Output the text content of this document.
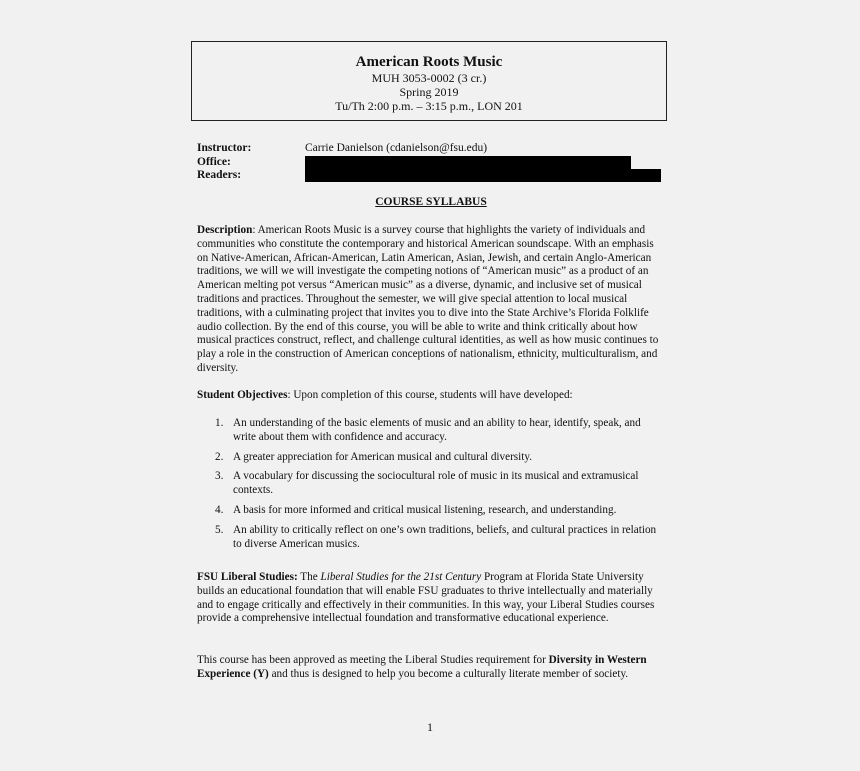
American Roots Music
MUH 3053-0002 (3 cr.)
Spring 2019
Tu/Th 2:00 p.m. – 3:15 p.m., LON 201
Instructor:	Carrie Danielson (cdanielson@fsu.edu)
Office:
Readers:
COURSE SYLLABUS

Description: American Roots Music is a survey course that highlights the variety of individuals and communities who constitute the contemporary and historical American soundscape. With an emphasis on Native-American, African-American, Latin American, Asian, Jewish, and certain Anglo-American traditions, we will we will investigate the competing notions of “American music” as a product of an American melting pot versus “American music” as a diverse, dynamic, and inclusive set of musical traditions and practices. Throughout the semester, we will give special attention to local musical traditions, with a culminating project that invites you to dive into the State Archive’s Florida Folklife audio collection. By the end of this course, you will be able to write and think critically about how musical practices construct, reflect, and challenge cultural identities, as well as how music continues to play a role in the construction of American conceptions of nationalism, ethnicity, multiculturalism, and diversity.

Student Objectives: Upon completion of this course, students will have developed:

1. An understanding of the basic elements of music and an ability to hear, identify, speak, and write about them with confidence and accuracy.
2. A greater appreciation for American musical and cultural diversity.
3. A vocabulary for discussing the sociocultural role of music in its musical and extramusical contexts.
4. A basis for more informed and critical musical listening, research, and understanding.
5. An ability to critically reflect on one’s own traditions, beliefs, and cultural practices in relation to diverse American musics.

FSU Liberal Studies: The Liberal Studies for the 21st Century Program at Florida State University builds an educational foundation that will enable FSU graduates to thrive intellectually and materially and to engage critically and effectively in their communities. In this way, your Liberal Studies courses provide a comprehensive intellectual foundation and transformative educational experience.

This course has been approved as meeting the Liberal Studies requirement for Diversity in Western Experience (Y) and thus is designed to help you become a culturally literate member of society.

1
